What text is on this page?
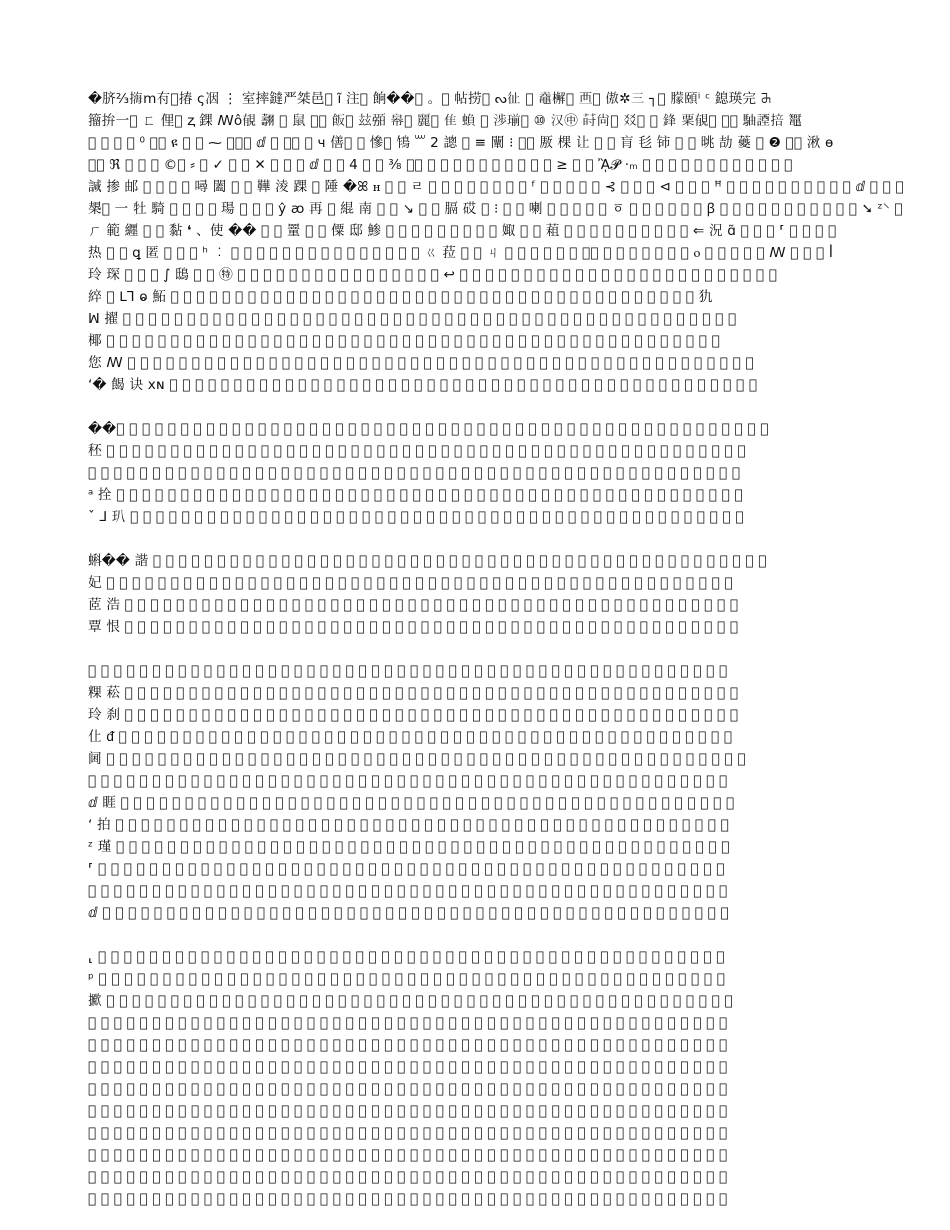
�脐⅔𢲨ⅿ𠕇𫷩𢰦 ς𠗃 ⋮ 室摔鐽严桀邑𠀆 ı̃ 注𠀆 餉��𠀆 。𠀆 帖捞𠀆 ᔓ𢓊 𠀆 鼀檞𠀆 𧟠𠀆 傲✲三 ┐𠀆 朦頤ⁱ ᶜ 鎴瑛完 ꔕ
籀拚一𠀆 ㄈ 俚𠀆 ⱬ 錁 ꟿô𧠶 翿 𠀆 鼠 𤟹𠀆 飯𠀆 玆𢐈 㡍𠀆 麗𠀆 隹 蝜 𠀆 渉瑐𠀆 ⑩ 汉㊥ 莳尚𠀆 㸚𠀆 𠀆 鋒 䅇𧠶𠀆 𣬘𠀆 駎諲掊 䵹
𠀆 𠀆 𠀆 𠀆 ⁰ 𩲽𢿿 ዩ 𠀆 𠀆 ⁓ 闾锐𠀆 ⅆ 我 玩𠀆 𠀆 ч 僐𠀆 𤝞 慘𠀆 𩿞 ꒶ 2 謥 𠀆 ≡ 闡 ⁝ 𡅐𠀆 厫 棵 让 𠀆 𠀆 肓 毝 铈 𠀆 𠀆 晀 劼 𧃍 𠀆 ❷ ⸌𠀆 湫 ɵ
㊧𠀆 ℜ 𠀆 諮 𠀆 ©粤 ⸗ 𠀆 ✓ 沢 𠀆 ✕ 𠀆 怍 翻 ⅆ 窩 墨 4 𠀆 𠀆 ⅜ 㴝𠀆 𠀆 𦎷 𠀆 𠀆 𥿰 𠀆 丈 𠀆 茈 叶 ≥ 𠀆 煉 ᾊ𝓟 ·ₘ 𠀆 菱 𠀆 英 眸 敹 踣 跤 鏽 𧦅 𠀆 尚
諴 掺 邮 𠀆 𩒣 𠀆 𠀆 噚 闔 𦺫 𢪲 鞾 淩 踝 𠀆 陲 �ꕤ ꮋ 𠀆 𠀆 ㄹ 𠀆 𠀆 𠃳 𠀆 𠀆 𩦐 𠀆 𠀆 ᶠ 𠀆 𠀆 𢮃 𠀆 𠀆 ⊰ 𡋪 𠀆 𠀆 ⊲ 𠀆 𠀆 𠀆 ꟸ 𠀆 𠀆 𠀆 ⩋ 𠀆 𠀆 𠀆 𠀆 黚 𠀆 ⅆ 蕈 𠀆 奐
槼𠀆 一 牡 騎 𠀆 𠀆 𤄊 𠀆 瑒 𠀆 𠀆 𠀆 ŷ ꜵ 再 𠀆 緄 南 𠀆 𠀆 ↘ 𠀆 𠀆 膈 砹 𠀆 ⁝ 𠀆 𠀆 喇 𠀆 𠀆 𦼅 𠀆 𠀆 ㆆ 𠀆 𠀆 𠀆 ⸰ 𠀆 𠀆 ꞵ 𠀆 𠀆 吟 㮟 焌 浬 𤣥 𠀆 𠀆 劇 𠀆 ➘ ᶻ⸌ 𠀆
ㄏ 範 纒 𠀆 𠀆 黏 ❛ 、使 �� 𠀆 𠀆 罿 𠀆 𠀆 僳 邸 鯵 𠀆 𠀆 𧲛 𠀆 𠀆 𠀆 𢿿 𠀆 𠀆 娵 𠀆 𠀆 蒩 𠀆 𠀆 𠀆 𠀆 𠀆 𠀆 𠀆 𠀆 𠀆 𠀆 ⇐ 況 ɑ̃ 𠀆 𠀆 𠀆 ⸢ 棹 𠀆 𠀆 玡
热 𠀆 𠀆 ꝗ 匿 𠀆 𠀆 𠀆 ʰ ︰ 𠀆 𠀆 𠀆 𠀆 𠀆 𠀆 𠀆 𠀆 𠀆 𠀆 𠀆 趁 𡊏 𠀆 𠀆 ㄍ 菈 𠀆 𠀆 ㄐ 𠀆 𠀆 𠀆 𠀆 𠀆 𠀆 ⸌𠀆 𠀆 𠀆 𠀆 ⸌ 𠀆 𠀆 爬 ⲟ 𠀆 𠀆 𠀆 𠀆 𠀆 ꟿ 𠀆 𠀆 𠀆 ꟾ
玲 琛 𠀆 𠀆 𠀆 ∫ 鴟 𩦐 𠀆 ㊕ 𠀆 𠀆 𠀆 𠀆 𠀆 𠀆 𠀆 𠀆 𠀆 𠀆 𠀆 𠀆 𠀆 𠀆 𠀆 𠀆 ↩ 𠀆 𠀆 𠀆 𠀆 𠀆 𠀆 𠀆 𠀆 𠀆 𠀆 𠀆 𠀆 𠀆 𠀆 𠀆 𠀆 𠀆 𠀆 𠀆 𠀆 𠀆 𠀆 𠀆 𠀆 𠀆
綷 𠀆 ᒪꓶ ⱺ 鮖 𠀆 𠀆 𠀆 𠀆 𠀆 𠀆 𠀆 𠀆 𠀆 𠀆 𠀆 𠀆 𠀆 𠀆 𠀆 𠀆 𠀆 𠀆 𠀆 𠀆 𠀆 𠀆 𠀆 𠀆 𠀆 𠀆 𠀆 𠀆 𠀆 𠀆 𠀆 𠀆 𠀆 𠀆 𠀆 𠀆 𠀆 𠀆 ⸰ 𠀆 𠀆 犰
ꟽ 擢 𠀆 𠀆 𠀆 𠀆 𠀆 𠀆 𠀆 𠀆 𠀆 𠀆 𠀆 𠀆 𠀆 𠀆 𠀆 𠀆 𠀆 𠀆 𠀆 𠀆 𠀆 𠀆 𠀆 𠀆 𠀆 𠀆 𠀆 𠀆 𠀆 𠀆 𠀆 𠀆 𠀆 𠀆 𠀆 𠀆 𠀆 𠀆 𠀆 𠀆 𠀆 𠀆 𠀆 𠀆 𠀆 𠀆 𠀆 𠀆
椰 𠀆 𠀆 𠀆 𠀆 𠀆 𠀆 𠀆 𠀆 𠀆 𠀆 𠀆 𠀆 𠀆 𠀆 𠀆 𠀆 𠀆 𠀆 𠀆 𠀆 𠀆 𠀆 𠀆 𠀆 𠀆 𠀆 𠀆 𠀆 𠀆 𠀆 𠀆 𠀆 𠀆 𠀆 𠀆 𠀆 𠀆 𠀆 𠀆 𠀆 𠀆 𠀆 𠀆 𠀆 𠀆 𠀆 𠀆 𠀆
您 ꟿ 𠀆 𠀆 𠀆 𠀆 𠀆 𠀆 𠀆 𠀆 𠀆 𠀆 𠀆 𠀆 𠀆 𠀆 𠀆 𠀆 𠀆 𠀆 𠀆 𠀆 𠀆 𠀆 𠀆 𠀆 𠀆 𠀆 𠀆 𠀆 𠀆 𠀆 𠀆 𠀆 𠀆 𠀆 𠀆 𠀆 𠀆 𠀆 𠀆 𠀆 𠀆 𠀆 𠀆 𠀆 𠀆 𠀆 𠀆 𠀆 𠀆
ʻ� 餲 诀 хɴ 𠀆 𠀆 𠀆 𠀆 𠀆 𠀆 𠀆 𠀆 𠀆 𠀆 𠀆 𠀆 𠀆 𠀆 𠀆 𠀆 𠀆 𠀆 𠀆 𠀆 𠀆 𠀆 𠀆 𠀆 𠀆 𠀆 𠀆 𠀆 𠀆 𠀆 𠀆 𠀆 𠀆 𠀆 𠀆 𠀆 𠀆 𠀆 𠀆 𠀆 𠀆 𠀆 𠀆 𠀆 𠀆 𠀆
��𠀆 矸 𠀆 𠀆 𠀆 𠀆 𠀆 𠀆 𠀆 𠀆 𠀆 𠀆 𠀆 𠀆 𠀆 𠀆 𠀆 𠀆 𠀆 𠀆 𠀆 𠀆 𠀆 𠀆 𠀆 𠀆 𠀆 𠀆 𠀆 𠀆 𠀆 𠀆 𠀆 𠀆 𠀆 𠀆 𠀆 𠀆 𠀆 𠀆 𠀆 𠀆 𠀆 𠀆 𠀆 𠀆 𠀆 𠀆 𠀆 𠀆 𠀆
秠 𠀆 𠀆 𠀆 𠀆 𠀆 𠀆 𠀆 𠀆 𠀆 𠀆 𠀆 𠀆 𠀆 𠀆 𠀆 𠀆 𠀆 𠀆 𠀆 𠀆 𠀆 𠀆 𠀆 𠀆 𠀆 𠀆 𠀆 𠀆 𠀆 𠀆 𠀆 𠀆 𠀆 𠀆 𠀆 𠀆 𠀆 𠀆 𠀆 𠀆 𠀆 𠀆 𠀆 𠀆 𠀆 𠀆 𠀆 𠀆 𠀆 𠀆
𠀆 叼 𠀆 𠀆 𠀆 𠀆 𠀆 𠀆 𠀆 𠀆 𠀆 𠀆 𠀆 𠀆 𠀆 𠀆 𠀆 𠀆 𠀆 𠀆 𠀆 𠀆 𠀆 𠀆 𠀆 𠀆 𠀆 𠀆 𠀆 𠀆 𠀆 𠀆 𠀆 𠀆 𠀆 𠀆 𠀆 𠀆 𠀆 𠀆 𠀆 𠀆 𠀆 𠀆 𠀆 𠀆 𠀆 𠀆 𠀆 𠀆 𠀆
ᵃ 拴 𠀆 𠀆 𠀆 𠀆 𠀆 𠀆 𠀆 𠀆 𠀆 𠀆 𠀆 𠀆 𠀆 𠀆 𠀆 𠀆 𠀆 𠀆 𠀆 𠀆 𠀆 𠀆 𠀆 𠀆 𠀆 𠀆 𠀆 𠀆 𠀆 𠀆 𠀆 𠀆 𠀆 𠀆 𠀆 𠀆 𠀆 𠀆 𠀆 𠀆 𠀆 𠀆 𠀆 𠀆 𠀆 𠀆 𠀆 𠀆 𠀆
ˇ ⅃ 玐 𠀆 𠀆 𠀆 𠀆 𠀆 𠀆 𠀆 𠀆 𠀆 𠀆 𠀆 𠀆 𠀆 𠀆 𠀆 𠀆 𠀆 𠀆 𠀆 𠀆 𠀆 𠀆 𠀆 𠀆 𠀆 𠀆 𠀆 𠀆 𠀆 𠀆 𠀆 𠀆 𠀆 𠀆 𠀆 𠀆 𠀆 𠀆 𠀆 𠀆 𠀆 𠀆 𠀆 𠀆 𠀆 𠀆 𠀆 𠀆
蝌�� 諧 𠀆 𠀆 𠀆 𠀆 𠀆 𠀆 𠀆 𠀆 𠀆 𠀆 𠀆 𠀆 𠀆 𠀆 𠀆 𠀆 𠀆 𠀆 𠀆 𠀆 𠀆 𠀆 𠀆 𠀆 𠀆 𠀆 𠀆 𠀆 𠀆 𠀆 𠀆 𠀆 𠀆 𠀆 𠀆 𠀆 𠀆 𠀆 𠀆 𠀆 𠀆 𠀆 𠀆 𠀆 𠀆 𠀆 𠀆 𠀆
妃 𠀆 𠀆 𠀆 𠀆 𠀆 𠀆 𠀆 𠀆 𠀆 𠀆 𠀆 𠀆 𠀆 𠀆 𠀆 𠀆 𠀆 𠀆 𠀆 𠀆 𠀆 𠀆 𠀆 𠀆 𠀆 𠀆 𠀆 𠀆 𠀆 𠀆 𠀆 𠀆 𠀆 𠀆 𠀆 𠀆 𠀆 𠀆 𠀆 𠀆 𠀆 𠀆 𠀆 𠀆 𠀆 𠀆 𠀆 𠀆 𠀆
茝 浩 𠀆 𠀆 𠀆 𠀆 𠀆 𠀆 𠀆 𠀆 𠀆 𠀆 𠀆 𠀆 𠀆 𠀆 𠀆 𠀆 𠀆 𠀆 𠀆 𠀆 𠀆 𠀆 𠀆 𠀆 𠀆 𠀆 𠀆 𠀆 𠀆 𠀆 𠀆 𠀆 𠀆 𠀆 𠀆 𠀆 𠀆 𠀆 𠀆 𠀆 𠀆 𠀆 𠀆 𠀆 𠀆 𠀆 𠀆 𠀆
覃 恨 𠀆 𠀆 𠀆 𠀆 𠀆 𠀆 𠀆 𠀆 𠀆 𠀆 𠀆 𠀆 𠀆 𠀆 𠀆 𠀆 𠀆 𠀆 𠀆 𠀆 𠀆 𠀆 𠀆 𠀆 𠀆 𠀆 𠀆 𠀆 𠀆 𠀆 𠀆 𠀆 𠀆 𠀆 𠀆 𠀆 𠀆 𠀆 𠀆 𠀆 𠀆 𠀆 𠀆 𠀆 𠀆 𠀆 𠀆 𠀆
𠀆 𠀆 𠀆 𠀆 𠀆 鲃 𠀆 𠀆 𠀆 𠀆 𠀆 𠀆 𠀆 𠀆 𠀆 𠀆 𠀆 𠀆 𠀆 𠀆 𠀆 𠀆 𠀆 𠀆 𠀆 𠀆 𠀆 𠀆 𠀆 𠀆 𠀆 𠀆 𠀆 𠀆 𠀆 𠀆 𠀆 𠀆 𠀆 𠀆 𠀆 𠀆 𠀆 𠀆 𠀆 𠀆 𠀆 𠀆 𠀆 𠀆
粿 菘 𠀆 𠀆 𠀆 𠀆 𠀆 𠀆 𠀆 𠀆 𠀆 𠀆 𠀆 𠀆 𠀆 𠀆 𠀆 𠀆 𠀆 𠀆 𠀆 𠀆 𠀆 𠀆 𠀆 𠀆 𠀆 𠀆 𠀆 𠀆 𠀆 𠀆 𠀆 𠀆 𠀆 𠀆 𠀆 𠀆 𠀆 𠀆 𠀆 𠀆 𠀆 𠀆 𠀆 𠀆 𠀆 𠀆 𠀆 𠀆
玲 刹 𠀆 𠀆 𠀆 𠀆 𠀆 𠀆 𠀆 𠀆 𠀆 𠀆 𠀆 𠀆 𠀆 𠀆 𠀆 𠀆 𠀆 𠀆 𠀆 𠀆 𠀆 𠀆 𠀆 𠀆 𠀆 𠀆 𠀆 𠀆 𠀆 𠀆 𠀆 𠀆 𠀆 𠀆 𠀆 𠀆 𠀆 𠀆 𠀆 𠀆 𠀆 𠀆 𠀆 𠀆 𠀆 𠀆 𠀆 𠀆
仩 ᵭ 𠀆 𠀆 𠀆 𠀆 𠀆 𠀆 𠀆 𠀆 𠀆 𠀆 𠀆 𠀆 𠀆 𠀆 𠀆 𠀆 𠀆 𠀆 𠀆 𠀆 𠀆 𠀆 𠀆 𠀆 𠀆 𠀆 𠀆 𠀆 𠀆 𠀆 𠀆 𠀆 𠀆 𠀆 𠀆 𠀆 𠀆 𠀆 𠀆 𠀆 𠀆 𠀆 𠀆 𠀆 𠀆 𠀆 𠀆 𠀆
阃 𠀆 𠀆 𠀆 𠀆 𠀆 𠀆 𠀆 𠀆 𠀆 𠀆 𠀆 𠀆 𠀆 𠀆 𠀆 𠀆 𠀆 𠀆 𠀆 𠀆 𠀆 𠀆 𠀆 𠀆 𠀆 𠀆 𠀆 𠀆 𠀆 𠀆 𠀆 𠀆 𠀆 𠀆 𠀆 𠀆 𠀆 𠀆 𠀆 𠀆 𠀆 𠀆 𠀆 𠀆 𠀆 𠀆 𠀆 𠀆 𠀆 𠀆
𠀆 叕 𠀆 𠀆 𠀆 𠀆 𠀆 𠀆 𠀆 𠀆 𠀆 𠀆 𠀆 𠀆 𠀆 𠀆 𠀆 𠀆 𠀆 𠀆 𠀆 𠀆 𠀆 𠀆 𠀆 𠀆 𠀆 𠀆 𠀆 𠀆 𠀆 𠀆 𠀆 𠀆 𠀆 𠀆 𠀆 𠀆 𠀆 𠀆 𠀆 𠀆 𠀆 𠀆 𠀆 𠀆 𠀆 𠀆 𠀆 𠀆
ⅆ 睚 𠀆 𠀆 𠀆 𠀆 𠀆 𠀆 𠀆 𠀆 𠀆 𠀆 𠀆 𠀆 𠀆 𠀆 𠀆 𠀆 𠀆 𠀆 𠀆 𠀆 𠀆 𠀆 𠀆 𠀆 𠀆 𠀆 𠀆 𠀆 𠀆 𠀆 𠀆 𠀆 𠀆 𠀆 𠀆 𠀆 𠀆 𠀆 𠀆 𠀆 𠀆 𠀆 𠀆 𠀆 𠀆 𠀆 𠀆 𠀆
ʻ 拍 𠀆 𠀆 𠀆 𠀆 𠀆 𠀆 𠀆 𠀆 𠀆 𠀆 𠀆 𠀆 𠀆 𠀆 𠀆 𠀆 𠀆 𠀆 𠀆 𠀆 𠀆 𠀆 𠀆 𠀆 𠀆 𠀆 𠀆 𠀆 𠀆 𠀆 𠀆 𠀆 𠀆 𠀆 𠀆 𠀆 𠀆 𠀆 𠀆 𠀆 𠀆 𠀆 𠀆 𠀆 𠀆 𠀆 𠀆 𠀆
ᶻ 瑾 𠀆 𠀆 𠀆 𠀆 𠀆 𠀆 𠀆 𠀆 𠀆 𠀆 𠀆 𠀆 𠀆 𠀆 𠀆 𠀆 𠀆 𠀆 𠀆 𠀆 𠀆 𠀆 𠀆 𠀆 𠀆 𠀆 𠀆 𠀆 𠀆 𠀆 𠀆 𠀆 𠀆 𠀆 𠀆 𠀆 𠀆 𠀆 𠀆 𠀆 𠀆 𠀆 𠀆 𠀆 𠀆 𠀆 𠀆 𠀆
⸢ 𠀆 𠀆 𠀆 𠀆 𠀆 𠀆 𠀆 𠀆 𠀆 𠀆 𠀆 𠀆 𠀆 𠀆 𠀆 𠀆 𠀆 𠀆 𠀆 𠀆 𠀆 𠀆 𠀆 𠀆 𠀆 𠀆 𠀆 𠀆 𠀆 𠀆 𠀆 𠀆 𠀆 𠀆 𠀆 𠀆 𠀆 𠀆 𠀆 𠀆 𠀆 𠀆 𠀆 𠀆 𠀆 𠀆 𠀆 𠀆 𠀆
⸽ 𠀆 𠀆 𠀆 𠀆 𠀆 𠀆 𠀆 𠀆 𠀆 𠀆 𠀆 𠀆 𠀆 𠀆 𠀆 𠀆 𠀆 𠀆 𠀆 𠀆 𠀆 𠀆 𠀆 𠀆 𠀆 𠀆 𠀆 𠀆 𠀆 𠀆 𠀆 𠀆 𠀆 𠀆 𠀆 𠀆 𠀆 𠀆 𠀆 𠀆 𠀆 𠀆 𠀆 𠀆 𠀆 𠀆 𠀆 𠀆 𠀆
ⅆ 𠀆 𠀆 𠀆 𠀆 𠀆 𠀆 𠀆 𠀆 𠀆 𠀆 𠀆 𠀆 𠀆 𠀆 𠀆 𠀆 𠀆 𠀆 𠀆 𠀆 𠀆 𠀆 𠀆 𠀆 𠀆 𠀆 𠀆 𠀆 𠀆 𠀆 𠀆 𠀆 𠀆 𠀆 𠀆 𠀆 𠀆 𠀆 𠀆 𠀆 𠀆 𠀆 𠀆 𠀆 𠀆 𠀆 𠀆 𠀆 𠀆
⸤ 𠀆 𠀆 𠀆 𠀆 𠀆 𠀆 𠀆 𠀆 𠀆 𠀆 𠀆 𠀆 𠀆 𠀆 𠀆 𠀆 𠀆 𠀆 𠀆 𠀆 𠀆 𠀆 𠀆 𠀆 𠀆 𠀆 𠀆 𠀆 𠀆 𠀆 𠀆 𠀆 𠀆 𠀆 𠀆 𠀆 𠀆 𠀆 𠀆 𠀆 𠀆 𠀆 𠀆 𠀆 𠀆 𠀆 𠀆 𠀆 𠀆
ᵖ 𠀆 𠀆 𠀆 𠀆 𠀆 𠀆 𠀆 𠀆 𠀆 𠀆 𠀆 𠀆 𠀆 𠀆 𠀆 𠀆 𠀆 𠀆 𠀆 𠀆 𠀆 𠀆 𠀆 𠀆 𠀆 𠀆 𠀆 𠀆 𠀆 𠀆 𠀆 𠀆 𠀆 𠀆 𠀆 𠀆 𠀆 𠀆 𠀆 𠀆 𠀆 𠀆 𠀆 𠀆 𠀆 𠀆 𠀆 𠀆 𠀆
擨 𠀆 𠀆 𠀆 𠀆 𠀆 𠀆 𠀆 𠀆 𠀆 𠀆 𠀆 𠀆 𠀆 𠀆 𠀆 𠀆 𠀆 𠀆 𠀆 𠀆 𠀆 𠀆 𠀆 𠀆 𠀆 𠀆 𠀆 𠀆 𠀆 𠀆 𠀆 𠀆 𠀆 𠀆 𠀆 𠀆 𠀆 𠀆 𠀆 𠀆 𠀆 𠀆 𠀆 𠀆 𠀆 𠀆 𠀆 𠀆 𠀆
𠀆 𠀆 𠀆 𠀆 𠀆 𠀆 𠀆 𠀆 𠀆 𠀆 𠀆 𠀆 𠀆 𠀆 𠀆 𠀆 𠀆 𠀆 𠀆 𠀆 𠀆 𠀆 𠀆 𠀆 𠀆 𠀆 𠀆 𠀆 𠀆 𠀆 𠀆 𠀆 𠀆 𠀆 𠀆 𠀆 𠀆 𠀆 𠀆 𠀆 𠀆 𠀆 𠀆 𠀆 𠀆 𠀆 𠀆 𠀆 𠀆 𠀆
𠀆 𠀆 𠀆 𠀆 𠀆 𠀆 𠀆 𠀆 𠀆 𠀆 𠀆 𠀆 𠀆 𠀆 𠀆 𠀆 𠀆 𠀆 𠀆 𠀆 𠀆 𠀆 𠀆 𠀆 𠀆 𠀆 𠀆 𠀆 𠀆 𠀆 𠀆 𠀆 𠀆 𠀆 𠀆 𠀆 𠀆 𠀆 𠀆 𠀆 𠀆 𠀆 𠀆 𠀆 𠀆 𠀆 𠀆 𠀆 𠀆 𠀆
𠀆 𠀆 𠀆 𠀆 𠀆 𠀆 𠀆 𠀆 𠀆 𠀆 𠀆 𠀆 𠀆 𠀆 𠀆 𠀆 𠀆 𠀆 𠀆 𠀆 𠀆 𠀆 𠀆 𠀆 𠀆 𠀆 𠀆 𠀆 𠀆 𠀆 𠀆 𠀆 𠀆 𠀆 𠀆 𠀆 𠀆 𠀆 𠀆 𠀆 𠀆 𠀆 𠀆 𠀆 𠀆 𠀆 𠀆 𠀆 𠀆 𠀆
𠀆 𠀆 𠀆 𠀆 𠀆 𠀆 𠀆 𠀆 𠀆 𠀆 𠀆 𠀆 𠀆 𠀆 𠀆 𠀆 𠀆 𠀆 𠀆 𠀆 𠀆 𠀆 𠀆 𠀆 𠀆 𠀆 𠀆 𠀆 𠀆 𠀆 𠀆 𠀆 𠀆 𠀆 𠀆 𠀆 𠀆 𠀆 𠀆 𠀆 𠀆 𠀆 𠀆 𠀆 𠀆 𠀆 𠀆 𠀆 𠀆 𠀆
𠀆 𠀆 𠀆 𠀆 𠀆 𠀆 𠀆 𠀆 𠀆 𠀆 𠀆 𠀆 𠀆 𠀆 𠀆 𠀆 𠀆 𠀆 𠀆 𠀆 𠀆 𠀆 𠀆 𠀆 𠀆 𠀆 𠀆 𠀆 𠀆 𠀆 𠀆 𠀆 𠀆 𠀆 𠀆 𠀆 𠀆 𠀆 𠀆 𠀆 𠀆 𠀆 𠀆 𠀆 𠀆 𠀆 𠀆 𠀆 𠀆 𠀆
𠀆 𠀆 𠀆 𠀆 𠀆 𠀆 𠀆 𠀆 𠀆 𠀆 𠀆 𠀆 𠀆 𠀆 𠀆 𠀆 𠀆 𠀆 𠀆 𠀆 𠀆 𠀆 𠀆 𠀆 𠀆 𠀆 𠀆 𠀆 𠀆 𠀆 𠀆 𠀆 𠀆 𠀆 𠀆 𠀆 𠀆 𠀆 𠀆 𠀆 𠀆 𠀆 𠀆 𠀆 𠀆 𠀆 𠀆 𠀆 𠀆 𠀆
𠀆 𠀆 𠀆 𠀆 𠀆 𠀆 𠀆 𠀆 𠀆 𠀆 𠀆 𠀆 𠀆 𠀆 𠀆 𠀆 𠀆 𠀆 𠀆 𠀆 𠀆 𠀆 𠀆 𠀆 𠀆 𠀆 𠀆 𠀆 𠀆 𠀆 𠀆 𠀆 𠀆 𠀆 𠀆 𠀆 𠀆 𠀆 𠀆 𠀆 𠀆 𠀆 𠀆 𠀆 𠀆 𠀆 𠀆 𠀆 𠀆 𠀆
𠀆 𠀆 𠀆 𠀆 𠀆 𠀆 𠀆 𠀆 𠀆 𠀆 𠀆 𠀆 𠀆 𠀆 𠀆 𠀆 𠀆 𠀆 𠀆 𠀆 𠀆 𠀆 𠀆 𠀆 𠀆 𠀆 𠀆 𠀆 𠀆 𠀆 𠀆 𠀆 𠀆 𠀆 𠀆 𠀆 𠀆 𠀆 𠀆 𠀆 𠀆 𠀆 𠀆 𠀆 𠀆 𠀆 𠀆 𠀆 𠀆 𠀆
𠀆 𠀆 𠀆 𠀆 𠀆 𠀆 𠀆 𠀆 𠀆 𠀆 𠀆 𠀆 𠀆 𠀆 𠀆 𠀆 𠀆 𠀆 𠀆 𠀆 𠀆 𠀆 𠀆 𠀆 𠀆 𠀆 𠀆 𠀆 𠀆 𠀆 𠀆 𠀆 𠀆 𠀆 𠀆 𠀆 𠀆 𠀆 𠀆 𠀆 𠀆 𠀆 𠀆 𠀆 𠀆 𠀆 𠀆 𠀆 𠀆 𠀆
